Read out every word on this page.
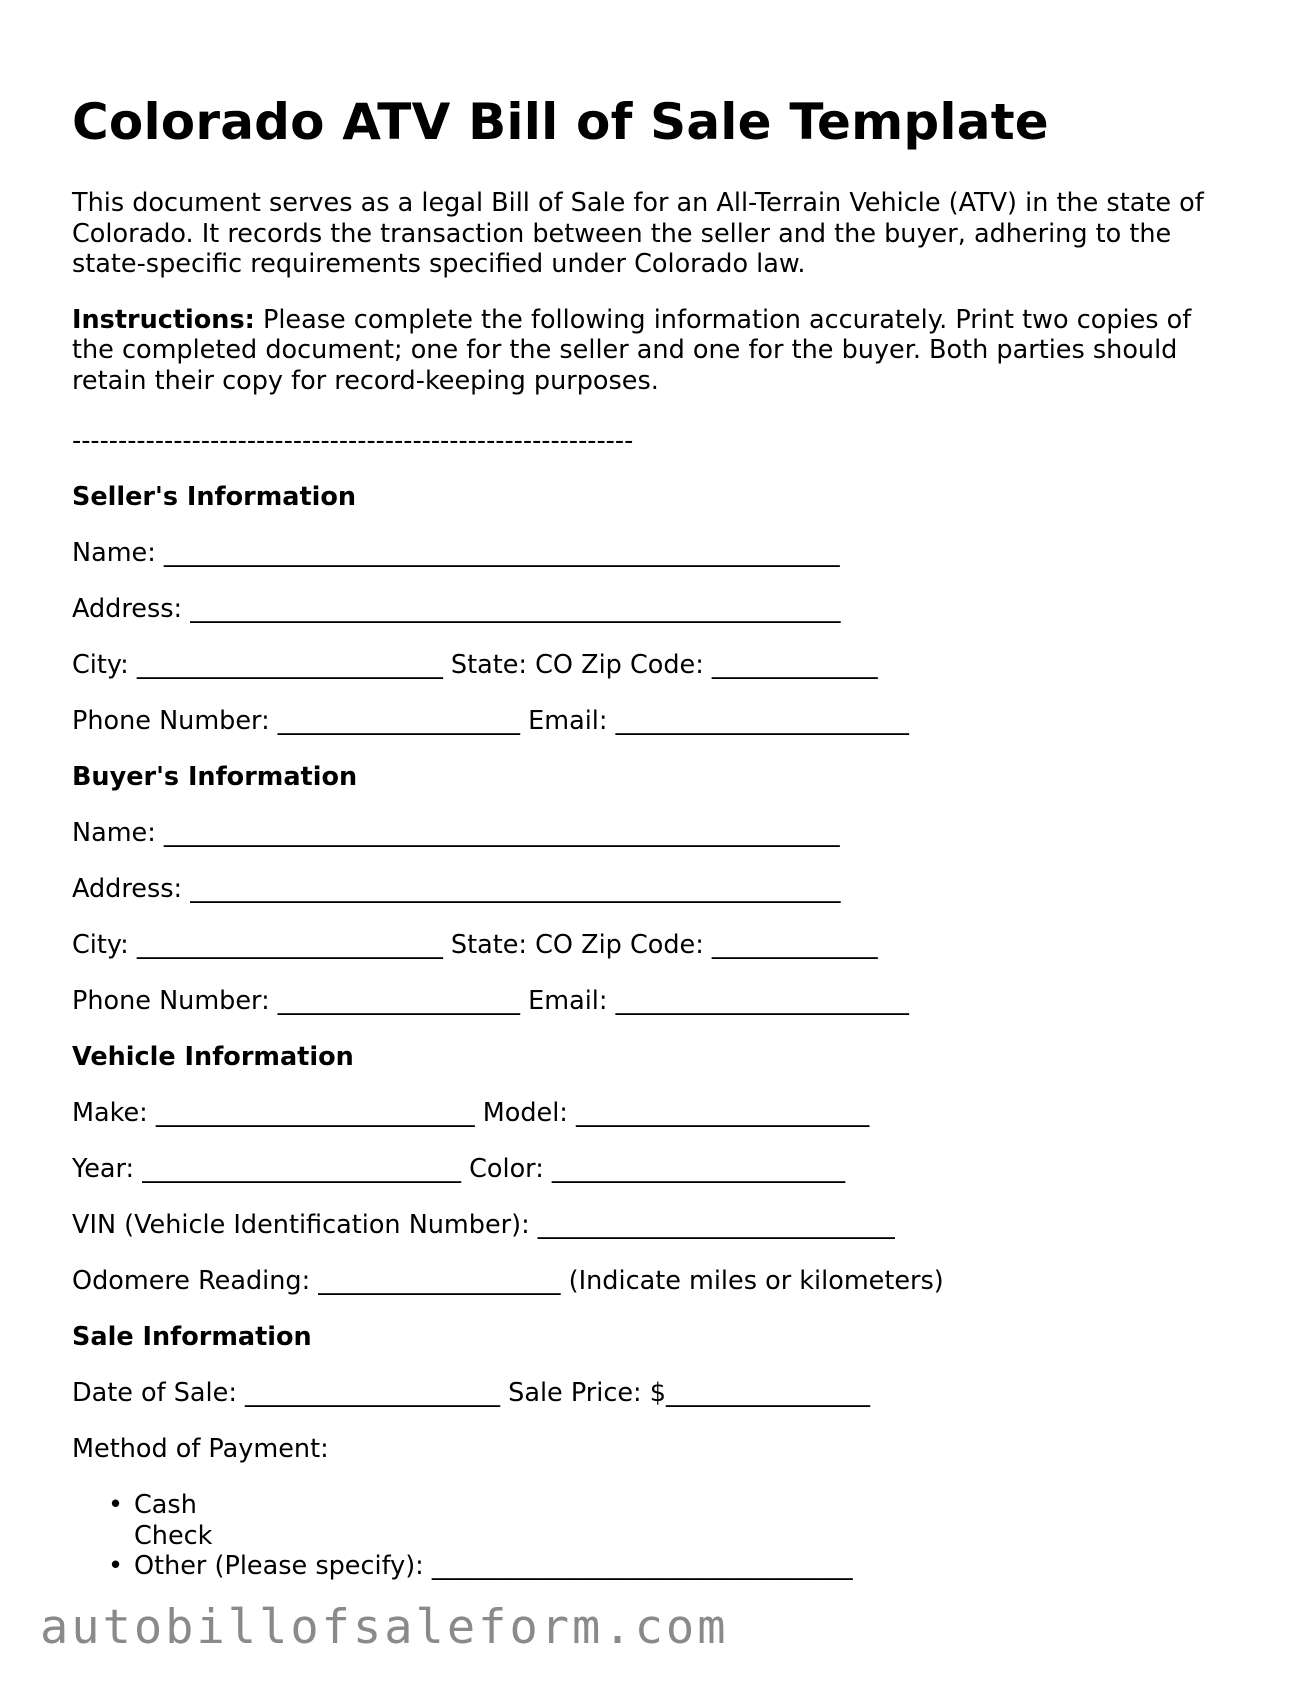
Colorado ATV Bill of Sale Template

This document serves as a legal Bill of Sale for an All-Terrain Vehicle (ATV) in the state of Colorado. It records the transaction between the seller and the buyer, adhering to the state-specific requirements specified under Colorado law.

Instructions: Please complete the following information accurately. Print two copies of the completed document; one for the seller and one for the buyer. Both parties should retain their copy for record-keeping purposes.

-------------------------------------------------------------
Seller's Information
Name: _____________________________________________________
Address: ___________________________________________________
City: ________________________ State: CO Zip Code: _____________
Phone Number: ___________________ Email: _______________________
Buyer's Information
Name: _____________________________________________________
Address: ___________________________________________________
City: ________________________ State: CO Zip Code: _____________
Phone Number: ___________________ Email: _______________________
Vehicle Information
Make: _________________________ Model: _______________________
Year: _________________________ Color: _______________________
VIN (Vehicle Identification Number): ____________________________
Odomere Reading: ___________________ (Indicate miles or kilometers)
Sale Information
Date of Sale: ____________________ Sale Price: $________________
Method of Payment:
• Cash
Check
• Other (Please specify): _________________________________
autobillofsaleform.com
